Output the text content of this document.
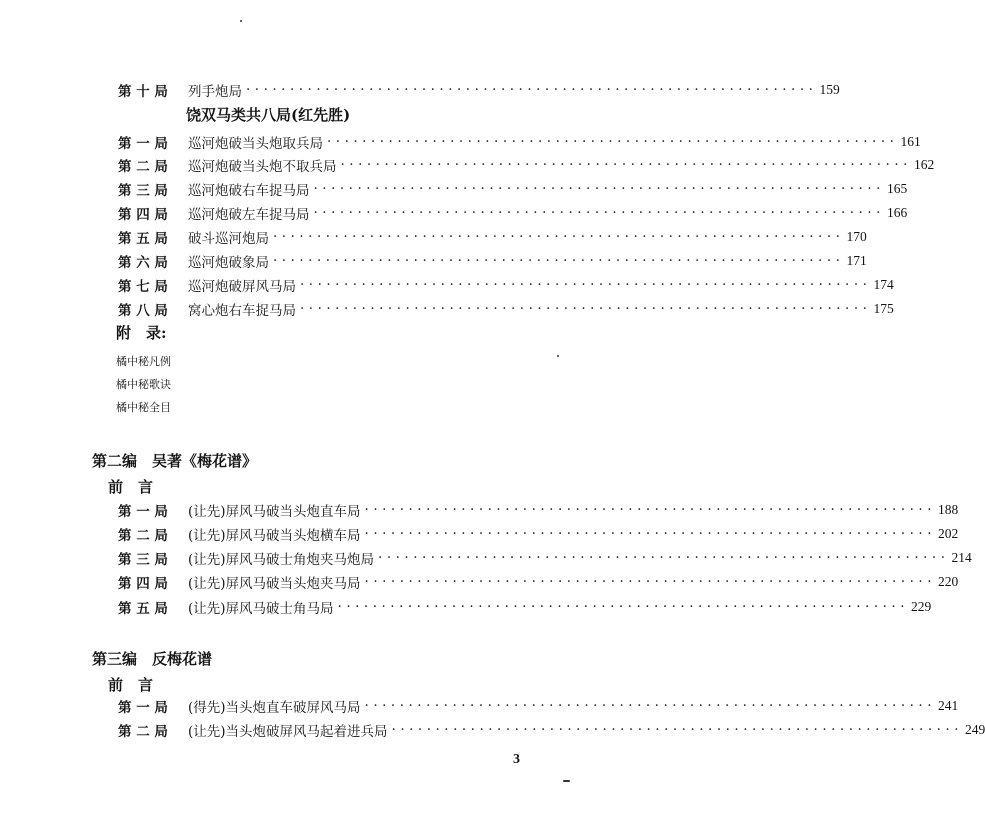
第 十 局	列手炮局 ································································· 159
饶双马类共八局(红先胜)
第 一 局	巡河炮破当头炮取兵局 ································································· 161
第 二 局	巡河炮破当头炮不取兵局 ································································· 162
第 三 局	巡河炮破右车捉马局 ································································· 165
第 四 局	巡河炮破左车捉马局 ································································· 166
第 五 局	破斗巡河炮局 ································································· 170
第 六 局	巡河炮破象局 ································································· 171
第 七 局	巡河炮破屏风马局 ································································· 174
第 八 局	窝心炮右车捉马局 ································································· 175
附　录:
橘中秘凡例
橘中秘歌诀
橘中秘全目
第二编　吴著《梅花谱》
前　言
第 一 局	(让先)屏风马破当头炮直车局 ································································· 188
第 二 局	(让先)屏风马破当头炮横车局 ································································· 202
第 三 局	(让先)屏风马破士角炮夹马炮局 ································································· 214
第 四 局	(让先)屏风马破当头炮夹马局 ································································· 220
第 五 局	(让先)屏风马破士角马局 ································································· 229
第三编　反梅花谱
前　言
第 一 局	(得先)当头炮直车破屏风马局 ································································· 241
第 二 局	(让先)当头炮破屏风马起着进兵局 ································································· 249
3
